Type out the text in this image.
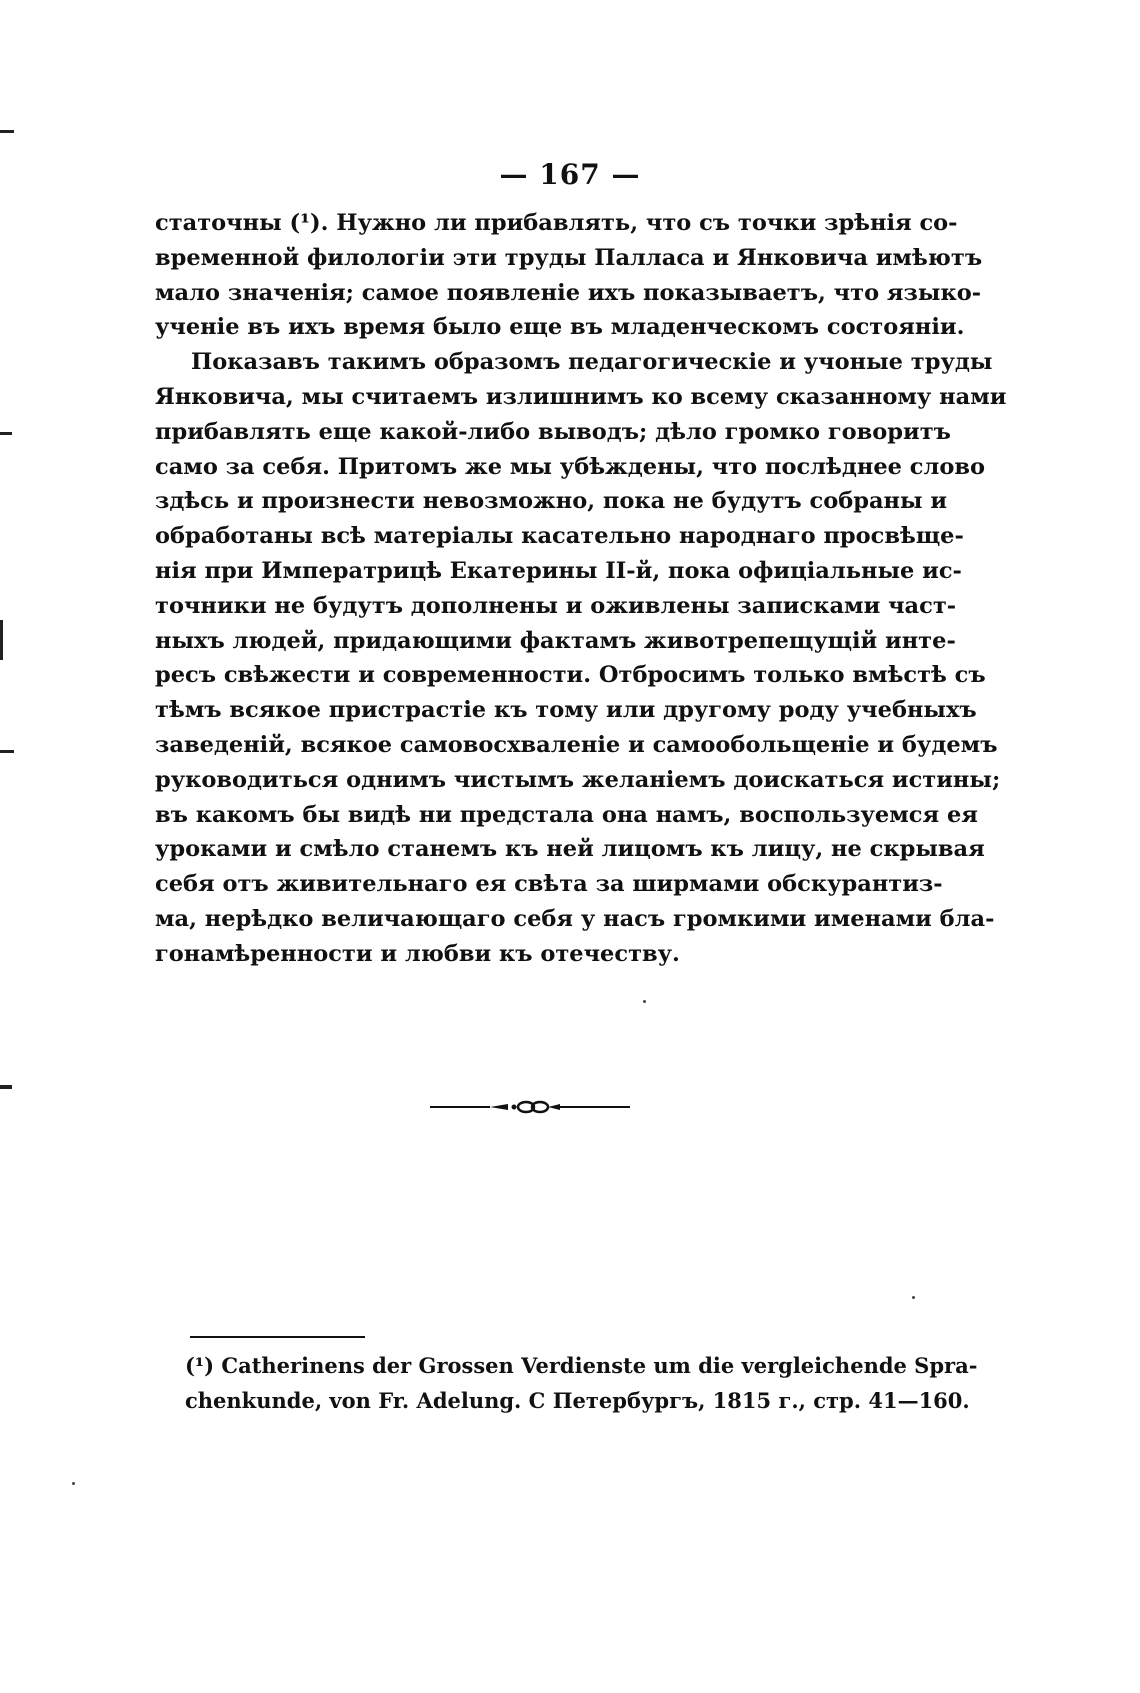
— 167 —
статочны (¹). Нужно ли прибавлять, что съ точки зрѣнія со-
временной филологіи эти труды Палласа и Янковича имѣютъ
мало значенія; самое появленіе ихъ показываетъ, что языко-
ученіе въ ихъ время было еще въ младенческомъ состояніи.
Показавъ такимъ образомъ педагогическіе и учоные труды
Янковича, мы считаемъ излишнимъ ко всему сказанному нами
прибавлять еще какой-либо выводъ; дѣло громко говоритъ
само за себя. Притомъ же мы убѣждены, что послѣднее слово
здѣсь и произнести невозможно, пока не будутъ собраны и
обработаны всѣ матеріалы касательно народнаго просвѣще-
нія при Императрицѣ Екатерины II-й, пока офиціальные ис-
точники не будутъ дополнены и оживлены записками част-
ныхъ людей, придающими фактамъ животрепещущій инте-
ресъ свѣжести и современности. Отбросимъ только вмѣстѣ съ
тѣмъ всякое пристрастіе къ тому или другому роду учебныхъ
заведеній, всякое самовосхваленіе и самообольщеніе и будемъ
руководиться однимъ чистымъ желаніемъ доискаться истины;
въ какомъ бы видѣ ни предстала она намъ, воспользуемся ея
уроками и смѣло станемъ къ ней лицомъ къ лицу, не скрывая
себя отъ живительнаго ея свѣта за ширмами обскурантиз-
ма, нерѣдко величающаго себя у насъ громкими именами бла-
гонамѣренности и любви къ отечеству.
(¹) Catherinens der Grossen Verdienste um die vergleichende Spra-
chenkunde, von Fr. Adelung. С Петербургъ, 1815 г., стр. 41—160.
